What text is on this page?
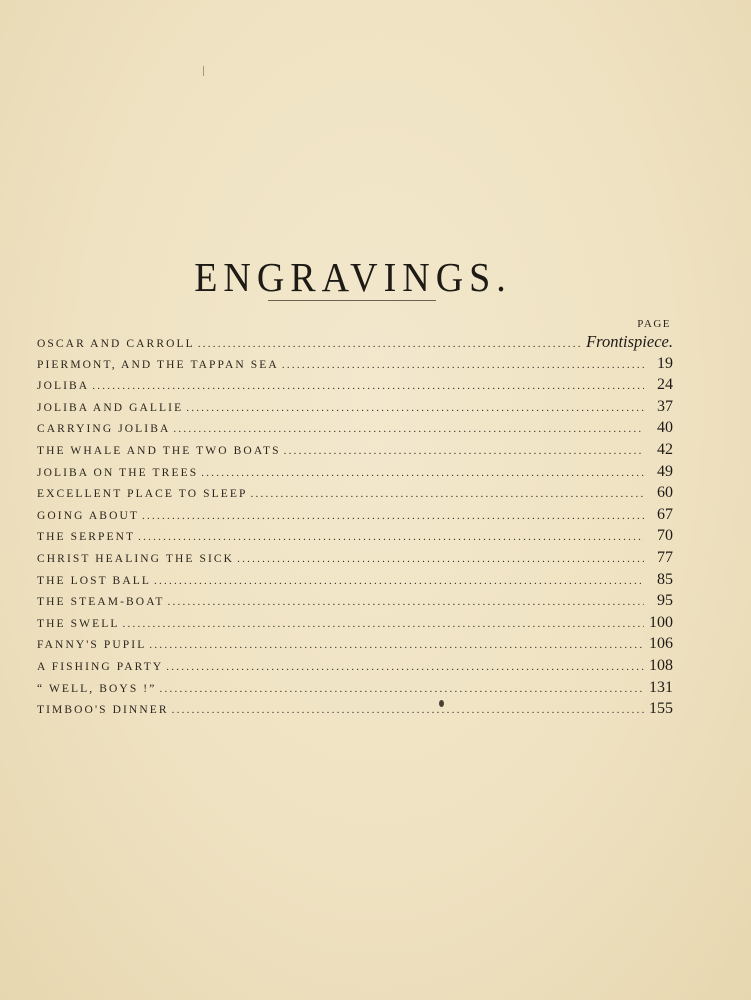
ENGRAVINGS.
PAGE
OSCAR AND CARROLL . . .	Frontispiece.
PIERMONT, AND THE TAPPAN SEA . . .	19
JOLIBA . . .	24
JOLIBA AND GALLIE . . .	37
CARRYING JOLIBA . . .	40
THE WHALE AND THE TWO BOATS . . .	42
JOLIBA ON THE TREES . . .	49
EXCELLENT PLACE TO SLEEP . . .	60
GOING ABOUT . . .	67
THE SERPENT . . .	70
CHRIST HEALING THE SICK . . .	77
THE LOST BALL . . .	85
THE STEAM-BOAT . . .	95
THE SWELL . . .	100
FANNY'S PUPIL . . .	106
A FISHING PARTY . . .	108
“ WELL, BOYS !” . . .	131
TIMBOO'S DINNER . . .	155
